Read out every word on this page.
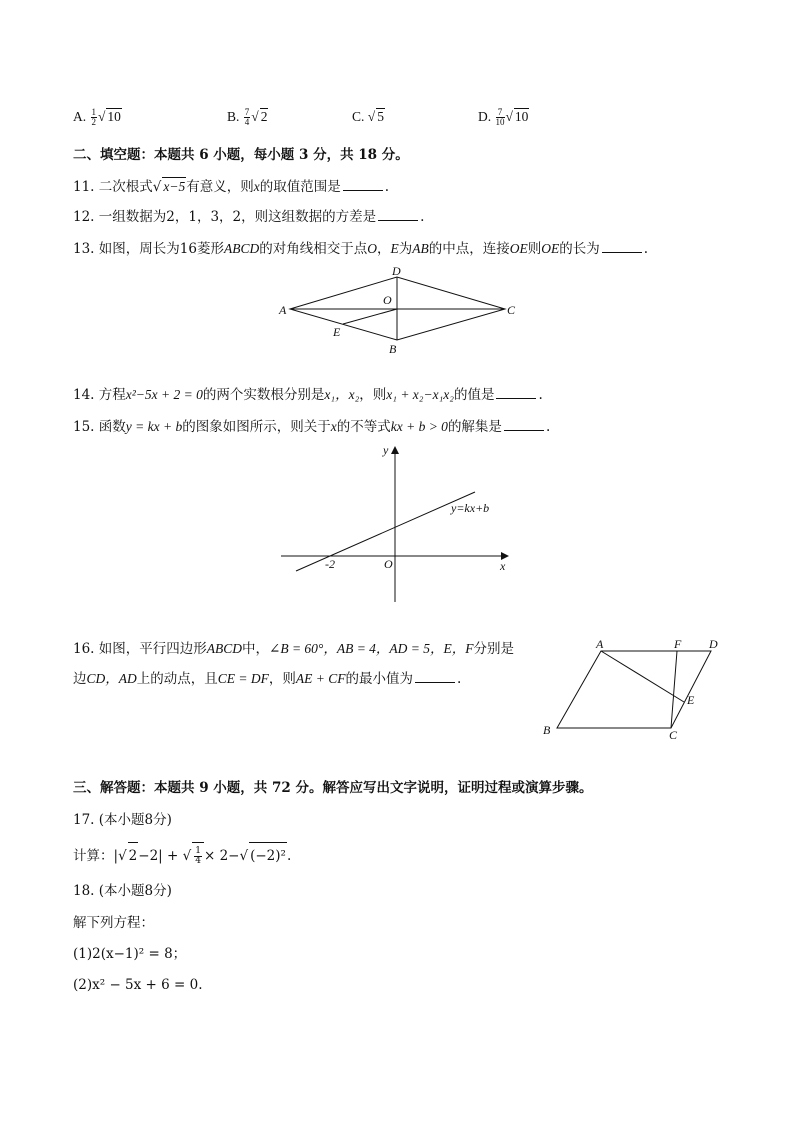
A. $\frac{1}{2}$ √ 10	B. $\frac{7}{4}$ √ 2	C. √ 5	D. $\frac{7}{10}$ √ 10
二、填空题：本题共 6 小题，每小题 3 分，共 18 分。
11. 二次根式√ x−5有意义，则x的取值范围是	.
12. 一组数据为2，1，3，2，则这组数据的方差是	.
13. 如图，周长为16菱形ABCD的对角线相交于点O，E为AB的中点，连接OE则OE的长为	.
A
D
C
B
O
E
14. 方程x²−5x + 2 = 0的两个实数根分别是x₁，x₂，则x₁ + x₂−x₁x₂的值是	.
15. 函数y = kx + b的图象如图所示，则关于x的不等式kx + b > 0的解集是	.
y
x
O
-2
y=kx+b
16. 如图，平行四边形ABCD中，∠B = 60°，AB = 4，AD = 5，E，F分别是
边CD，AD上的动点，且CE = DF，则AE + CF的最小值为	.
A	F D
E
B	C
三、解答题：本题共 9 小题，共 72 分。解答应写出文字说明，证明过程或演算步骤。
17. (本小题8分)
计算：|√ 2−2| + √ $\frac{1}{4} \times 2-√$ (−2)².
18. (本小题8分)
解下列方程：
(1)2(x−1)² = 8；
(2)x² − 5x + 6 = 0.
